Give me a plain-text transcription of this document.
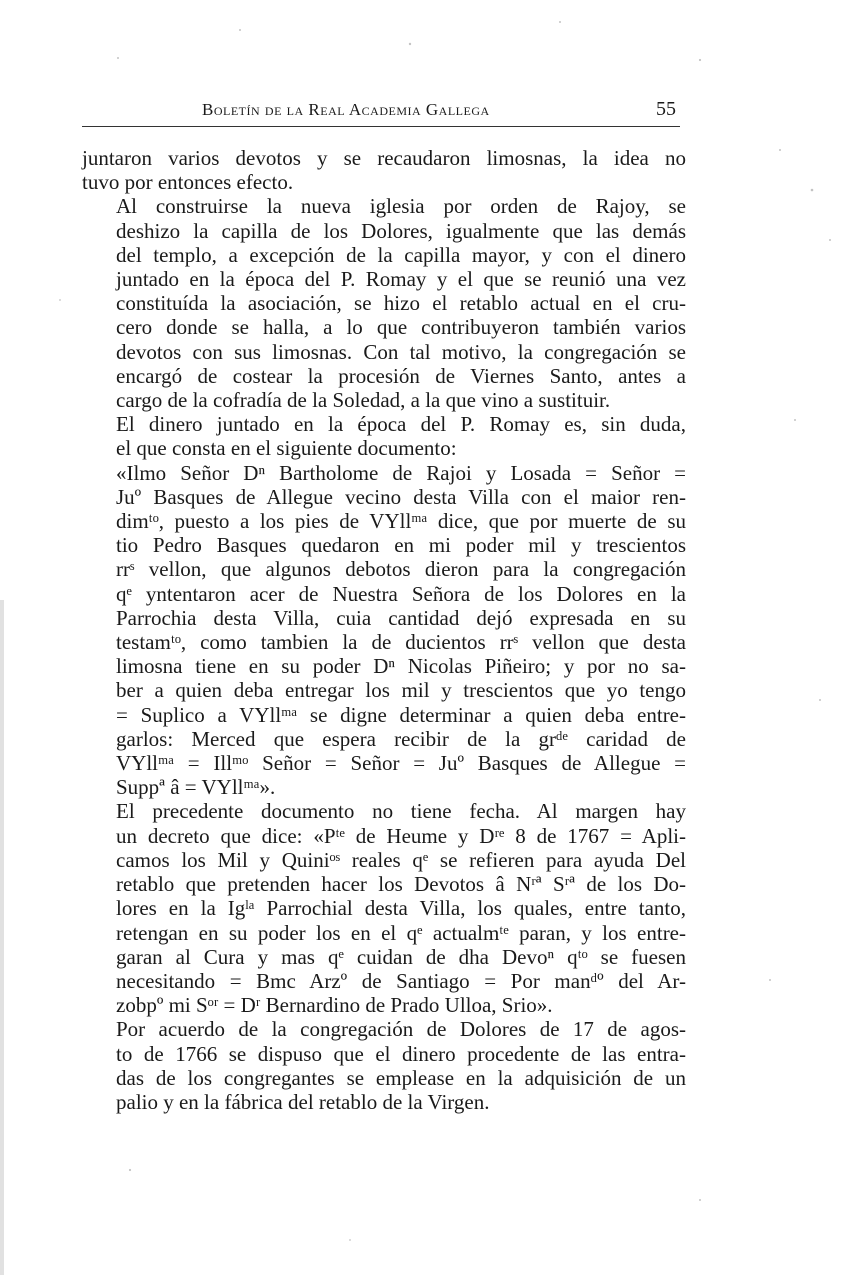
Boletín de la Real Academia Gallega	55

juntaron varios devotos y se recaudaron limosnas, la idea no
tuvo por entonces efecto.

Al construirse la nueva iglesia por orden de Rajoy, se
deshizo la capilla de los Dolores, igualmente que las demás
del templo, a excepción de la capilla mayor, y con el dinero
juntado en la época del P. Romay y el que se reunió una vez
constituída la asociación, se hizo el retablo actual en el cru-
cero donde se halla, a lo que contribuyeron también varios
devotos con sus limosnas. Con tal motivo, la congregación se
encargó de costear la procesión de Viernes Santo, antes a
cargo de la cofradía de la Soledad, a la que vino a sustituir.

El dinero juntado en la época del P. Romay es, sin duda,
el que consta en el siguiente documento:

«Ilmo Señor Dⁿ Bartholome de Rajoi y Losada = Señor =
Juº Basques de Allegue vecino desta Villa con el maior ren-
dimᵗᵒ, puesto a los pies de VYllᵐᵃ dice, que por muerte de su
tio Pedro Basques quedaron en mi poder mil y trescientos
rrˢ vellon, que algunos debotos dieron para la congregación
qᵉ yntentaron acer de Nuestra Señora de los Dolores en la
Parrochia desta Villa, cuia cantidad dejó expresada en su
testamᵗᵒ, como tambien la de ducientos rrˢ vellon que desta
limosna tiene en su poder Dⁿ Nicolas Piñeiro; y por no sa-
ber a quien deba entregar los mil y trescientos que yo tengo
= Suplico a VYllᵐᵃ se digne determinar a quien deba entre-
garlos: Merced que espera recibir de la grᵈᵉ caridad de
VYllᵐᵃ = Illᵐᵒ Señor = Señor = Juº Basques de Allegue =
Suppª â = VYllᵐᵃ».

El precedente documento no tiene fecha. Al margen hay
un decreto que dice: «Pᵗᵉ de Heume y Dʳᵉ 8 de 1767 = Apli-
camos los Mil y Quiniᵒˢ reales qᵉ se refieren para ayuda Del
retablo que pretenden hacer los Devotos â Nʳª Sʳª de los Do-
lores en la Igˡᵃ Parrochial desta Villa, los quales, entre tanto,
retengan en su poder los en el qᵉ actualmᵗᵉ paran, y los entre-
garan al Cura y mas qᵉ cuidan de dha Devoⁿ qᵗᵒ se fuesen
necesitando = Bmc Arzº de Santiago = Por manᵈº del Ar-
zobpº mi Sᵒʳ = Dʳ Bernardino de Prado Ulloa, Srio».

Por acuerdo de la congregación de Dolores de 17 de agos-
to de 1766 se dispuso que el dinero procedente de las entra-
das de los congregantes se emplease en la adquisición de un
palio y en la fábrica del retablo de la Virgen.
